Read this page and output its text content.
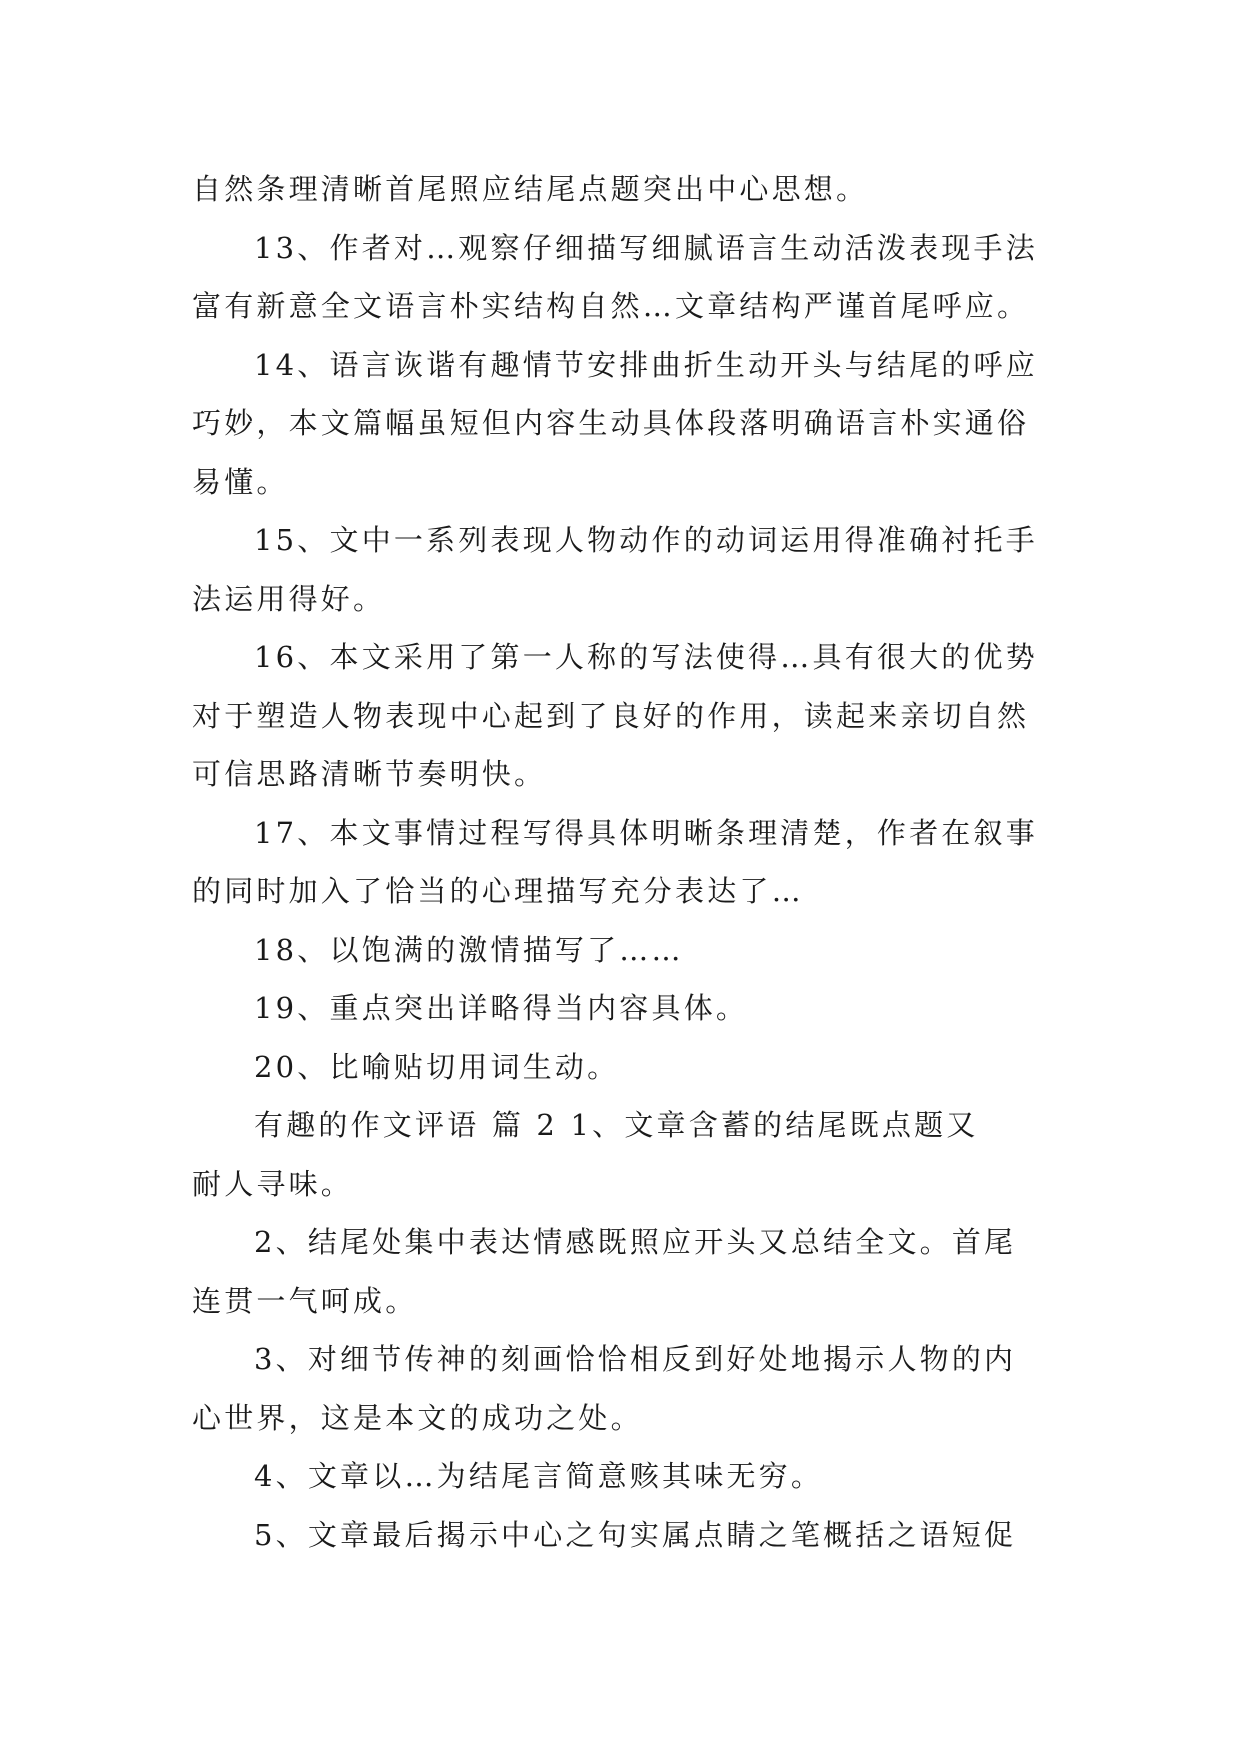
自然条理清晰首尾照应结尾点题突出中心思想。
13、作者对…观察仔细描写细腻语言生动活泼表现手法
富有新意全文语言朴实结构自然…文章结构严谨首尾呼应。
14、语言诙谐有趣情节安排曲折生动开头与结尾的呼应
巧妙，本文篇幅虽短但内容生动具体段落明确语言朴实通俗
易懂。
15、文中一系列表现人物动作的动词运用得准确衬托手
法运用得好。
16、本文采用了第一人称的写法使得…具有很大的优势
对于塑造人物表现中心起到了良好的作用，读起来亲切自然
可信思路清晰节奏明快。
17、本文事情过程写得具体明晰条理清楚，作者在叙事
的同时加入了恰当的心理描写充分表达了…
18、以饱满的激情描写了……
19、重点突出详略得当内容具体。
20、比喻贴切用词生动。
有趣的作文评语 篇 2 1、文章含蓄的结尾既点题又
耐人寻味。
2、结尾处集中表达情感既照应开头又总结全文。首尾
连贯一气呵成。
3、对细节传神的刻画恰恰相反到好处地揭示人物的内
心世界，这是本文的成功之处。
4、文章以…为结尾言简意赅其味无穷。
5、文章最后揭示中心之句实属点睛之笔概括之语短促
